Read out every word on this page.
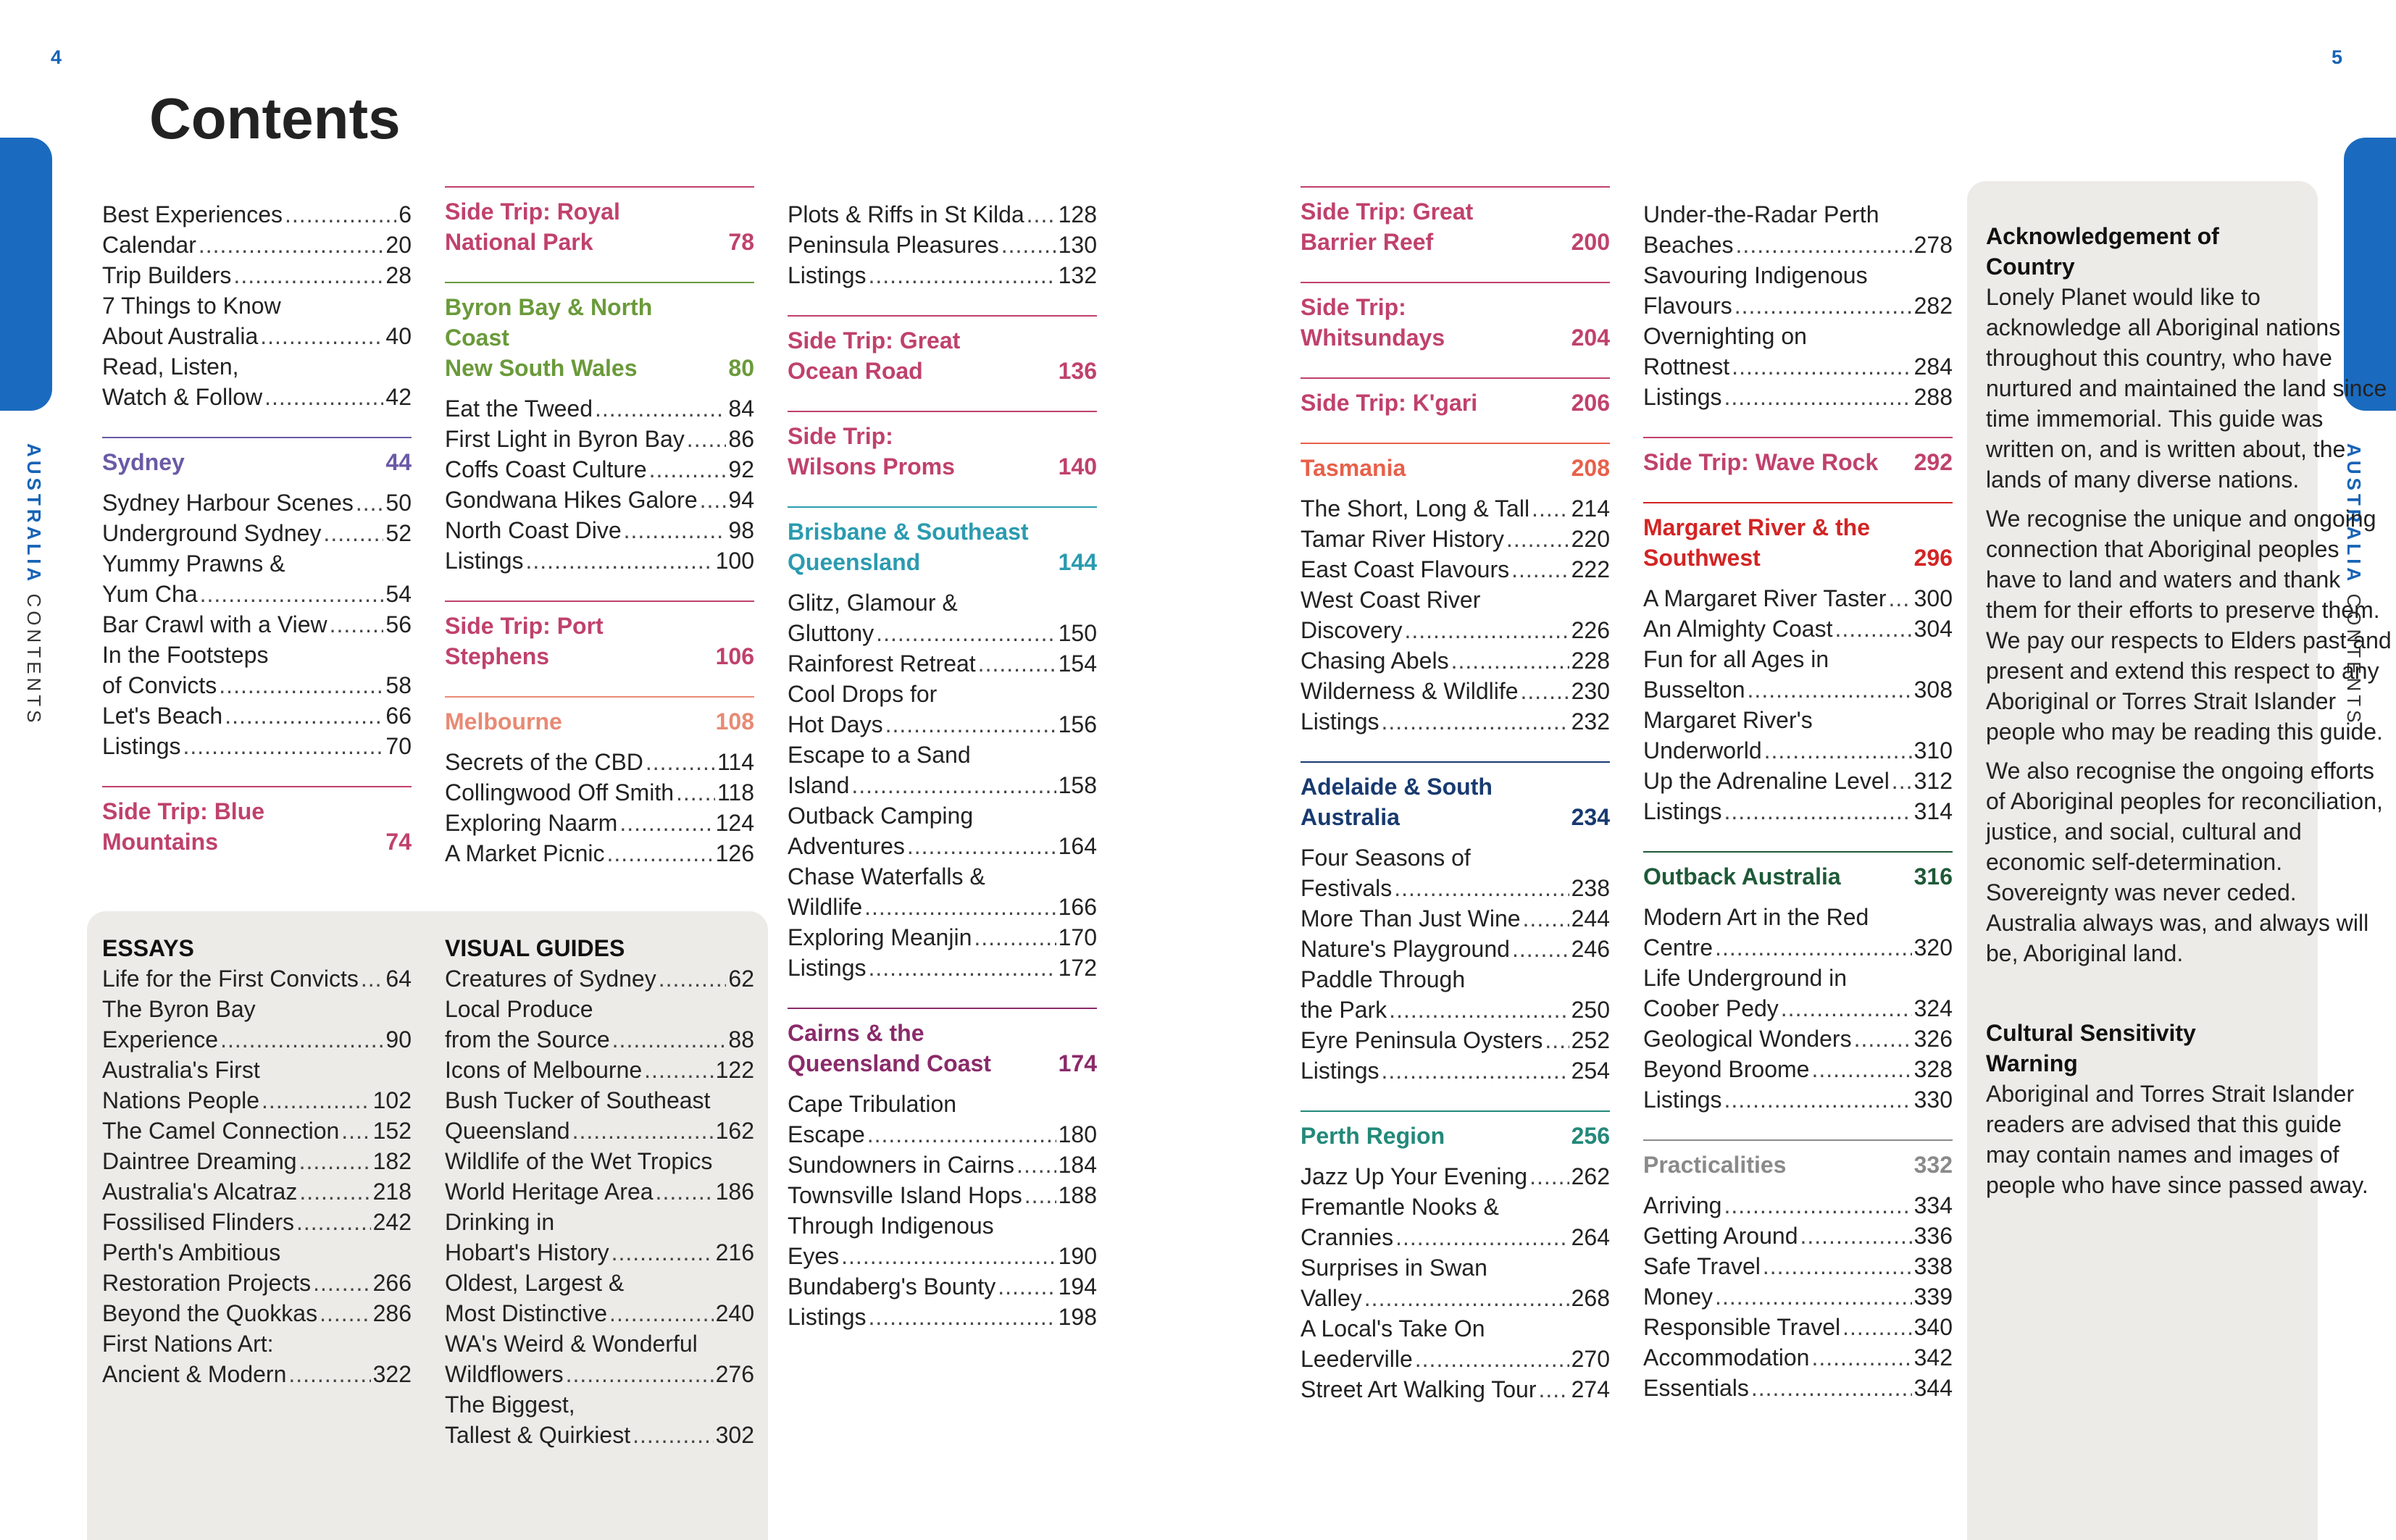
4	5
AUSTRALIA CONTENTS
AUSTRALIA CONTENTS
Contents
Best Experiences .....	6
Calendar .....	20
Trip Builders .....	28
7 Things to Know
About Australia .....	40
Read, Listen,
Watch & Follow .....	42
Sydney	44
Sydney Harbour Scenes ..... 50
Underground Sydney .....	52
Yummy Prawns &
Yum Cha .....	54
Bar Crawl with a View .....	56
In the Footsteps
of Convicts .....	58
Let's Beach .....	66
Listings .....	70
Side Trip: Blue
Mountains	74
Side Trip: Royal
National Park	78
Byron Bay & North Coast
New South Wales	80
Eat the Tweed .....	84
First Light in Byron Bay ..... 86
Coffs Coast Culture .....	92
Gondwana Hikes Galore ..... 94
North Coast Dive .....	98
Listings .....	100
Side Trip: Port
Stephens	106
Melbourne	108
Secrets of the CBD .....	114
Collingwood Off Smith ..... 118
Exploring Naarm .....	124
A Market Picnic .....	126
Plots & Riffs in St Kilda ..... 128
Peninsula Pleasures .....	130
Listings .....	132
Side Trip: Great
Ocean Road	136
Side Trip:
Wilsons Proms	140
Brisbane & Southeast
Queensland	144
Glitz, Glamour &
Gluttony .....	150
Rainforest Retreat .....	154
Cool Drops for
Hot Days .....	156
Escape to a Sand
Island .....	158
Outback Camping
Adventures .....	164
Chase Waterfalls &
Wildlife .....	166
Exploring Meanjin .....	170
Listings .....	172
Cairns & the
Queensland Coast	174
Cape Tribulation
Escape .....	180
Sundowners in Cairns ..... 184
Townsville Island Hops ..... 188
Through Indigenous
Eyes .....	190
Bundaberg's Bounty .....	194
Listings .....	198
ESSAYS
Life for the First Convicts ..... 64
The Byron Bay
Experience .....	90
Australia's First
Nations People .....	102
The Camel Connection ..... 152
Daintree Dreaming .....	182
Australia's Alcatraz .....	218
Fossilised Flinders .....	242
Perth's Ambitious
Restoration Projects .....	266
Beyond the Quokkas ..... 286
First Nations Art:
Ancient & Modern .....	322
VISUAL GUIDES
Creatures of Sydney .....	62
Local Produce
from the Source .....	88
Icons of Melbourne .....	122
Bush Tucker of Southeast
Queensland .....	162
Wildlife of the Wet Tropics
World Heritage Area .....	186
Drinking in
Hobart's History .....	216
Oldest, Largest &
Most Distinctive .....	240
WA's Weird & Wonderful
Wildflowers .....	276
The Biggest,
Tallest & Quirkiest .....	302
Side Trip: Great
Barrier Reef	200
Side Trip:
Whitsundays	204
Side Trip: K'gari	206
Tasmania	208
The Short, Long & Tall ..... 214
Tamar River History .....	220
East Coast Flavours .....	222
West Coast River
Discovery .....	226
Chasing Abels .....	228
Wilderness & Wildlife ..... 230
Listings .....	232
Adelaide & South
Australia	234
Four Seasons of
Festivals .....	238
More Than Just Wine ..... 244
Nature's Playground .....	246
Paddle Through
the Park .....	250
Eyre Peninsula Oysters ..... 252
Listings .....	254
Perth Region	256
Jazz Up Your Evening ..... 262
Fremantle Nooks &
Crannies .....	264
Surprises in Swan
Valley .....	268
A Local's Take On
Leederville .....	270
Street Art Walking Tour ..... 274
Under-the-Radar Perth
Beaches .....	278
Savouring Indigenous
Flavours .....	282
Overnighting on
Rottnest .....	284
Listings .....	288
Side Trip: Wave Rock 292
Margaret River & the
Southwest	296
A Margaret River Taster ..... 300
An Almighty Coast .....	304
Fun for all Ages in
Busselton .....	308
Margaret River's
Underworld .....	310
Up the Adrenaline Level ..... 312
Listings .....	314
Outback Australia	316
Modern Art in the Red
Centre .....	320
Life Underground in
Coober Pedy .....	324
Geological Wonders .....	326
Beyond Broome .....	328
Listings .....	330
Practicalities	332
Arriving .....	334
Getting Around .....	336
Safe Travel .....	338
Money .....	339
Responsible Travel .....	340
Accommodation .....	342
Essentials .....	344
Acknowledgement of
Country

Lonely Planet would like to acknowledge all Aboriginal nations throughout this country, who have nurtured and maintained the land since time immemorial. This guide was written on, and is written about, the lands of many diverse nations.

We recognise the unique and ongoing connection that Aboriginal peoples have to land and waters and thank them for their efforts to preserve them. We pay our respects to Elders past and present and extend this respect to any Aboriginal or Torres Strait Islander people who may be reading this guide.

We also recognise the ongoing efforts of Aboriginal peoples for reconciliation, justice, and social, cultural and economic self-determination. Sovereignty was never ceded. Australia always was, and always will be, Aboriginal land.

Cultural Sensitivity
Warning

Aboriginal and Torres Strait Islander readers are advised that this guide may contain names and images of people who have since passed away.
